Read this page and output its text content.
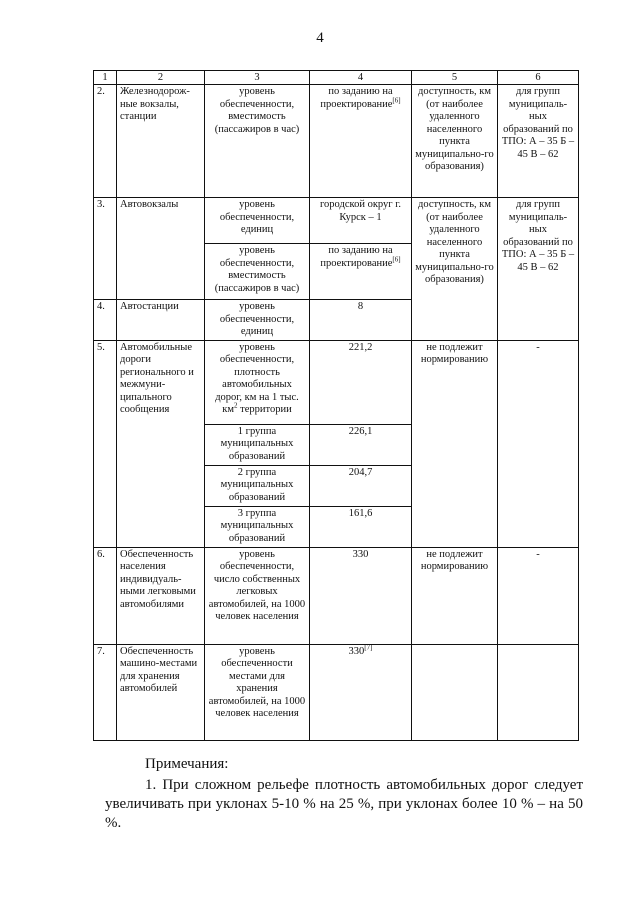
4
1	2	3	4	5	6
2.	Железнодорож-ные вокзалы, станции	уровень обеспеченности, вместимость (пассажиров в час)	по заданию на проектирование[6]	доступность, км (от наиболее удаленного населенного пункта муниципально-го образования)	для групп муниципаль-ных образований по ТПО: А – 35 Б – 45 В – 62
3.	Автовокзалы	уровень обеспеченности, единиц	городской округ г. Курск – 1	доступность, км (от наиболее удаленного населенного пункта муниципально-го образования)	для групп муниципаль-ных образований по ТПО: А – 35 Б – 45 В – 62
		уровень обеспеченности, вместимость (пассажиров в час)	по заданию на проектирование[6]
4.	Автостанции	уровень обеспеченности, единиц	8		
5.	Автомобильные дороги регионального и межмуни-ципального сообщения	уровень обеспеченности, плотность автомобильных дорог, км на 1 тыс. $км^2$ территории	221,2	не подлежит нормированию	-
		1 группа муниципальных образований	226,1		
		2 группа муниципальных образований	204,7		
		3 группа муниципальных образований	161,6		
6.	Обеспеченность населения индивидуаль-ными легковыми автомобилями	уровень обеспеченности, число собственных легковых автомобилей, на 1000 человек населения	330	не подлежит нормированию	-
7.	Обеспеченность машино-местами для хранения автомобилей	уровень обеспеченности местами для хранения автомобилей, на 1000 человек населения	330[7]		

Примечания:

1. При сложном рельефе плотность автомобильных дорог следует увеличивать при уклонах 5-10 % на 25 %, при уклонах более 10 % – на 50 %.
